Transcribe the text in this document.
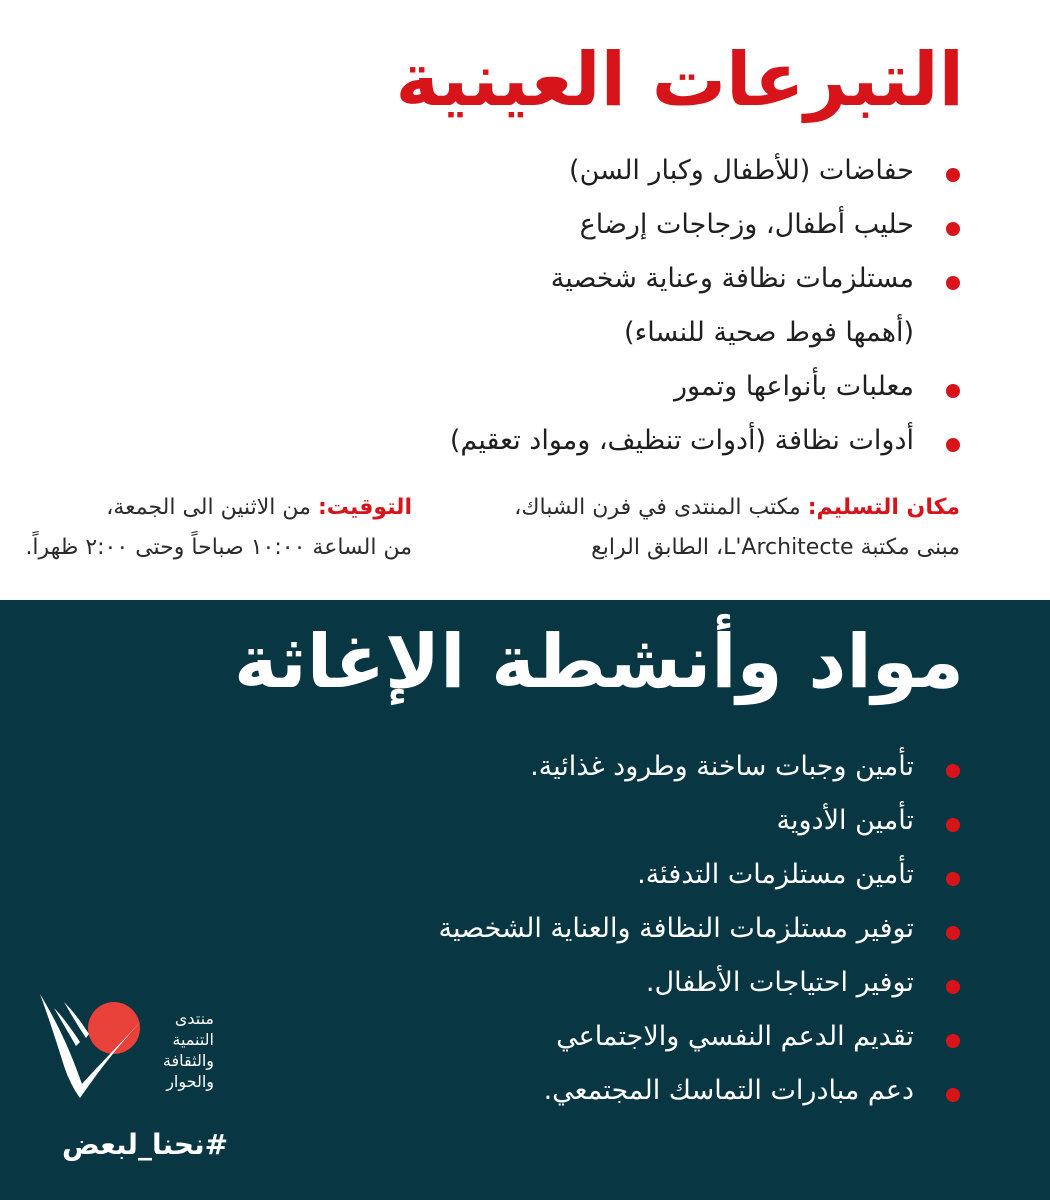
التبرعات العينية
حفاضات (للأطفال وكبار السن)
حليب أطفال، وزجاجات إرضاع
مستلزمات نظافة وعناية شخصية
(أهمها فوط صحية للنساء)
معلبات بأنواعها وتمور
أدوات نظافة (أدوات تنظيف، ومواد تعقيم)
مكان التسليم: مكتب المنتدى في فرن الشباك،
مبنى مكتبة L'Architecte، الطابق الرابع
التوقيت: من الاثنين الى الجمعة،
من الساعة ١٠:٠٠ صباحاً وحتى ٢:٠٠ ظهراً.
مواد وأنشطة الإغاثة
تأمين وجبات ساخنة وطرود غذائية.
تأمين الأدوية
تأمين مستلزمات التدفئة.
توفير مستلزمات النظافة والعناية الشخصية
توفير احتياجات الأطفال.
تقديم الدعم النفسي والاجتماعي
دعم مبادرات التماسك المجتمعي.
منتدى
التنمية
والثقافة
والحوار
#نحنا_لبعض
